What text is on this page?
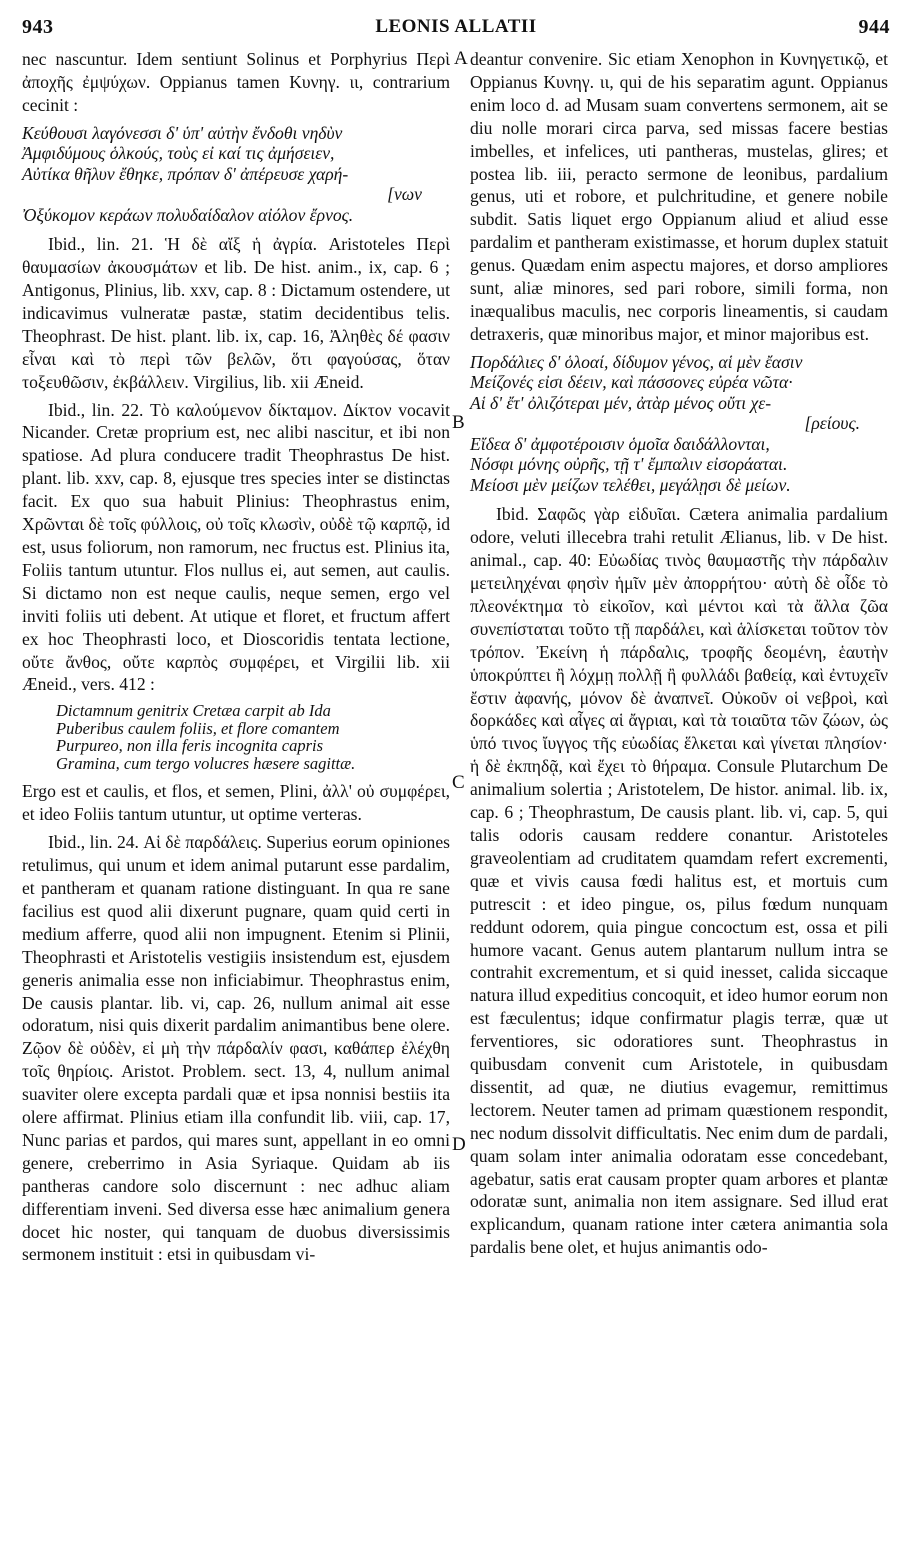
943	LEONIS ALLATII	944
A
B
C
D

nec nascuntur. Idem sentiunt Solinus et Porphyrius Περὶ ἀποχῆς ἐμψύχων. Oppianus tamen Κυνηγ. ιι, contrarium cecinit :

Κεύθουσι λαγόνεσσι δ' ὑπ' αὐτὴν ἔνδοθι νηδὺν
Ἀμφιδύμους ὁλκούς, τοὺς εἰ καί τις ἀμήσειεν,
Αὐτίκα θῆλυν ἔθηκε, πρόπαν δ' ἀπέρευσε χαρή-
[νων
Ὀξύκομον κεράων πολυδαίδαλον αἰόλον ἔρνος.

Ibid., lin. 21. Ἡ δὲ αἴξ ἡ ἀγρία. Aristoteles Περὶ θαυμασίων ἀκουσμάτων et lib. De hist. anim., ix, cap. 6 ; Antigonus, Plinius, lib. xxv, cap. 8 : Dictamum ostendere, ut indicavimus vulneratæ pastæ, statim decidentibus telis. Theophrast. De hist. plant. lib. ix, cap. 16, Ἀληθὲς δέ φασιν εἶναι καὶ τὸ περὶ τῶν βελῶν, ὅτι φαγούσας, ὅταν τοξευθῶσιν, ἐκβάλλειν. Virgilius, lib. xii Æneid.

Ibid., lin. 22. Τὸ καλούμενον δίκταμον. Δίκτον vocavit Nicander. Cretæ proprium est, nec alibi nascitur, et ibi non spatiose. Ad plura conducere tradit Theophrastus De hist. plant. lib. xxv, cap. 8, ejusque tres species inter se distinctas facit. Ex quo sua habuit Plinius: Theophrastus enim, Χρῶνται δὲ τοῖς φύλλοις, οὐ τοῖς κλωσὶν, οὐδὲ τῷ καρπῷ, id est, usus foliorum, non ramorum, nec fructus est. Plinius ita, Foliis tantum utuntur. Flos nullus ei, aut semen, aut caulis. Si dictamo non est neque caulis, neque semen, ergo vel inviti foliis uti debent. At utique et floret, et fructum affert ex hoc Theophrasti loco, et Dioscoridis tentata lectione, οὔτε ἄνθος, οὔτε καρπὸς συμφέρει, et Virgilii lib. xii Æneid., vers. 412 :

Dictamnum genitrix Cretæa carpit ab Ida
Puberibus caulem foliis, et flore comantem
Purpureo, non illa feris incognita capris
Gramina, cum tergo volucres hæsere sagittæ.

Ergo est et caulis, et flos, et semen, Plini, ἀλλ' οὐ συμφέρει, et ideo Foliis tantum utuntur, ut optime verteras.

Ibid., lin. 24. Αἱ δὲ παρδάλεις. Superius eorum opiniones retulimus, qui unum et idem animal putarunt esse pardalim, et pantheram et quanam ratione distinguant. In qua re sane facilius est quod alii dixerunt pugnare, quam quid certi in medium afferre, quod alii non impugnent. Etenim si Plinii, Theophrasti et Aristotelis vestigiis insistendum est, ejusdem generis animalia esse non inficiabimur. Theophrastus enim, De causis plantar. lib. vi, cap. 26, nullum animal ait esse odoratum, nisi quis dixerit pardalim animantibus bene olere. Ζῷον δὲ οὐδὲν, εἰ μὴ τὴν πάρδαλίν φασι, καθάπερ ἐλέχθη τοῖς θηρίοις. Aristot. Problem. sect. 13, 4, nullum animal suaviter olere excepta pardali quæ et ipsa nonnisi bestiis ita olere affirmat. Plinius etiam illa confundit lib. viii, cap. 17, Nunc parias et pardos, qui mares sunt, appellant in eo omni genere, creberrimo in Asia Syriaque. Quidam ab iis pantheras candore solo discernunt : nec adhuc aliam differentiam inveni. Sed diversa esse hæc animalium genera docet hic noster, qui tanquam de duobus diversissimis sermonem instituit : etsi in quibusdam vi-

deantur convenire. Sic etiam Xenophon in Κυνηγετικῷ, et Oppianus Κυνηγ. ιι, qui de his separatim agunt. Oppianus enim loco d. ad Musam suam convertens sermonem, ait se diu nolle morari circa parva, sed missas facere bestias imbelles, et infelices, uti pantheras, mustelas, glires; et postea lib. iii, peracto sermone de leonibus, pardalium genus, uti et robore, et pulchritudine, et genere nobile subdit. Satis liquet ergo Oppianum aliud et aliud esse pardalim et pantheram existimasse, et horum duplex statuit genus. Quædam enim aspectu majores, et dorso ampliores sunt, aliæ minores, sed pari robore, simili forma, non inæqualibus maculis, nec corporis lineamentis, si caudam detraxeris, quæ minoribus major, et minor majoribus est.

Πορδάλιες δ' ὁλοαί, δίδυμον γένος, αἱ μὲν ἔασιν
Μείζονές εἰσι δέειν, καὶ πάσσονες εὐρέα νῶτα·
Αἱ δ' ἔτ' ὀλιζότεραι μέν, ἀτὰρ μένος οὔτι χε-
[ρείους.
Εἴδεα δ' ἀμφοτέροισιν ὁμοῖα δαιδάλλονται,
Νόσφι μόνης οὐρῆς, τῇ τ' ἔμπαλιν εἰσοράαται.
Μείοσι μὲν μείζων τελέθει, μεγάλῃσι δὲ μείων.

Ibid. Σαφῶς γὰρ εἰδυῖαι. Cætera animalia pardalium odore, veluti illecebra trahi retulit Ælianus, lib. v De hist. animal., cap. 40: Εὐωδίας τινὸς θαυμαστῆς τὴν πάρδαλιν μετειληχέναι φησὶν ἡμῖν μὲν ἀπορρήτου· αὐτὴ δὲ οἶδε τὸ πλεονέκτημα τὸ εἰκοῖον, καὶ μέντοι καὶ τὰ ἄλλα ζῶα συνεπίσταται τοῦτο τῇ παρδάλει, καὶ ἁλίσκεται τοῦτον τὸν τρόπον. Ἐκείνη ἡ πάρδαλις, τροφῆς δεομένη, ἑαυτὴν ὑποκρύπτει ἢ λόχμῃ πολλῇ ἢ φυλλάδι βαθείᾳ, καὶ ἐντυχεῖν ἔστιν ἀφανής, μόνον δὲ ἀναπνεῖ. Οὐκοῦν οἱ νεβροὶ, καὶ δορκάδες καὶ αἶγες αἱ ἄγριαι, καὶ τὰ τοιαῦτα τῶν ζώων, ὡς ὑπό τινος ἴυγγος τῆς εὐωδίας ἕλκεται καὶ γίνεται πλησίον· ἡ δὲ ἐκπηδᾷ, καὶ ἔχει τὸ θήραμα. Consule Plutarchum De animalium solertia ; Aristotelem, De histor. animal. lib. ix, cap. 6 ; Theophrastum, De causis plant. lib. vi, cap. 5, qui talis odoris causam reddere conantur. Aristoteles graveolentiam ad cruditatem quamdam refert excrementi, quæ et vivis causa fœdi halitus est, et mortuis cum putrescit : et ideo pingue, os, pilus fœdum nunquam reddunt odorem, quia pingue concoctum est, ossa et pili humore vacant. Genus autem plantarum nullum intra se contrahit excrementum, et si quid inesset, calida siccaque natura illud expeditius concoquit, et ideo humor eorum non est fæculentus; idque confirmatur plagis terræ, quæ ut ferventiores, sic odoratiores sunt. Theophrastus in quibusdam convenit cum Aristotele, in quibusdam dissentit, ad quæ, ne diutius evagemur, remittimus lectorem. Neuter tamen ad primam quæstionem respondit, nec nodum dissolvit difficultatis. Nec enim dum de pardali, quam solam inter animalia odoratam esse concedebant, agebatur, satis erat causam propter quam arbores et plantæ odoratæ sunt, animalia non item assignare. Sed illud erat explicandum, quanam ratione inter cætera animantia sola pardalis bene olet, et hujus animantis odo-
